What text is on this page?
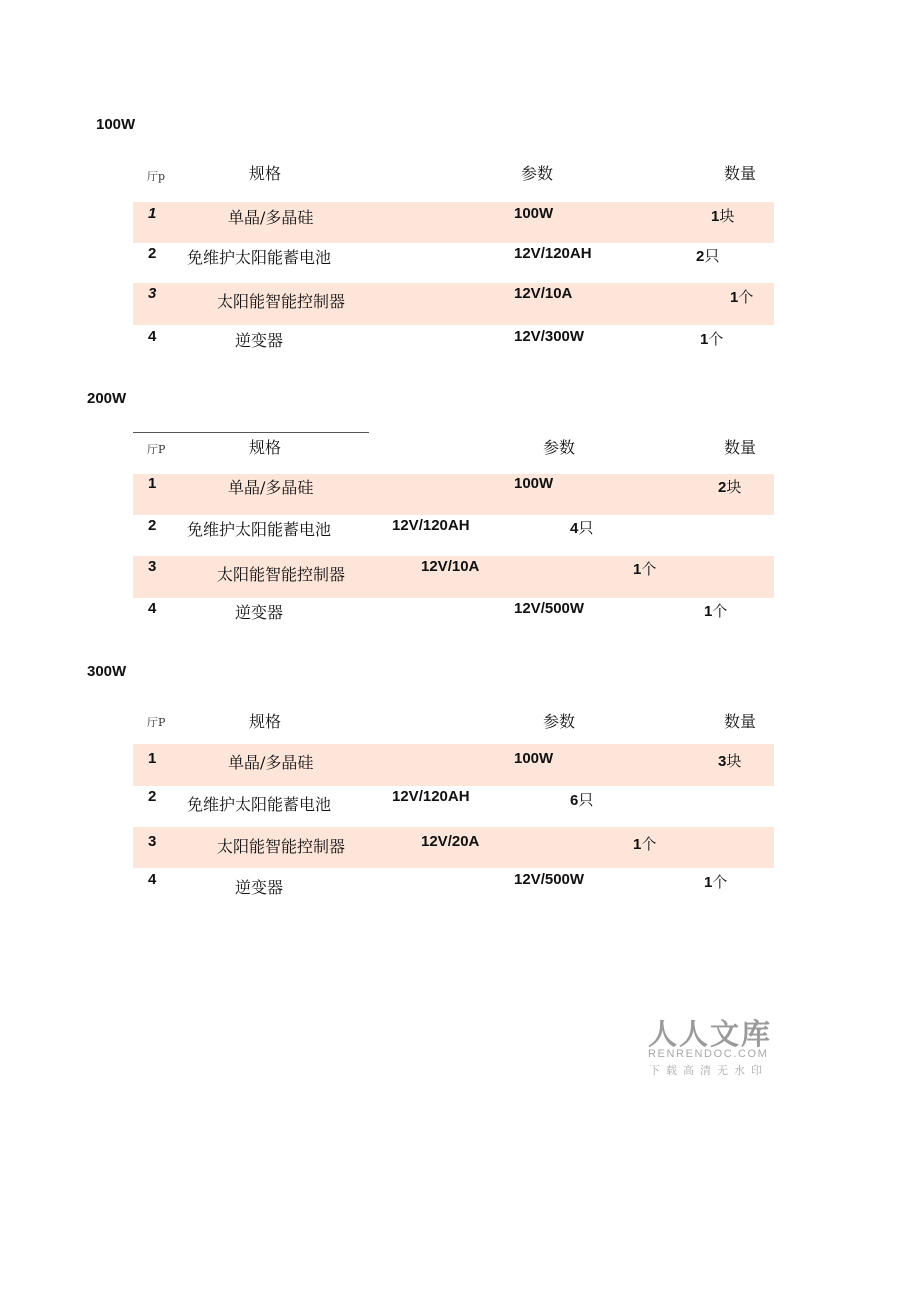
100W
厅p	规格	参数	数量
1	单晶/多晶硅	100W	1块
2 免维护太阳能蓄电池	12V/120AH	2只
3	太阳能智能控制器	12V/10A	1个
4	逆变器	12V/300W	1个
200W
厅P	规格	参数	数量
1	单晶/多晶硅	100W	2块
2 免维护太阳能蓄电池	12V/120AH	4只
3	太阳能智能控制器	12V/10A	1个
4	逆变器	12V/500W	1个
300W
厅P	规格	参数	数量
1	单晶/多晶硅	100W	3块
2 免维护太阳能蓄电池	12V/120AH	6只
3	太阳能智能控制器	12V/20A	1个
4	逆变器	12V/500W	1个
人人文库
RENRENDOC.COM
下载高清无水印
